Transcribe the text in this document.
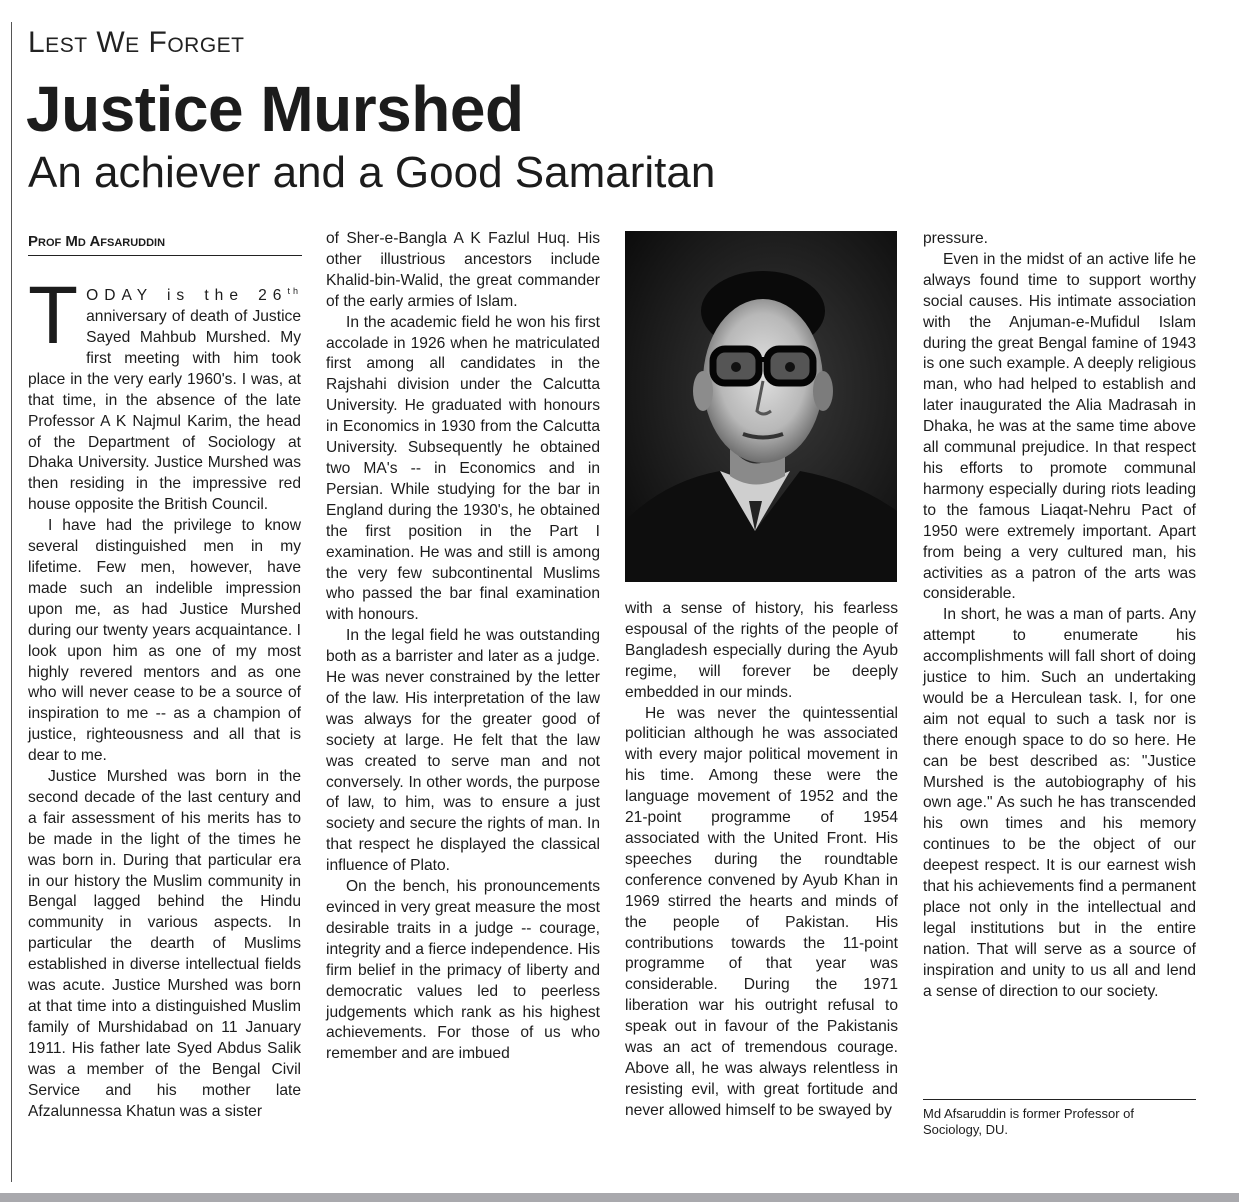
Lest We Forget
Justice Murshed
An achiever and a Good Samaritan
Prof Md Afsaruddin

TODAY is the 26th anniversary of death of Justice Sayed Mahbub Murshed. My first meeting with him took place in the very early 1960's. I was, at that time, in the absence of the late Professor A K Najmul Karim, the head of the Department of Sociology at Dhaka University. Justice Murshed was then residing in the impressive red house opposite the British Council.

I have had the privilege to know several distinguished men in my lifetime. Few men, however, have made such an indelible impression upon me, as had Justice Murshed during our twenty years acquaintance. I look upon him as one of my most highly revered mentors and as one who will never cease to be a source of inspiration to me -- as a champion of justice, righteousness and all that is dear to me.

Justice Murshed was born in the second decade of the last century and a fair assessment of his merits has to be made in the light of the times he was born in. During that particular era in our history the Muslim community in Bengal lagged behind the Hindu community in various aspects. In particular the dearth of Muslims established in diverse intellectual fields was acute. Justice Murshed was born at that time into a distinguished Muslim family of Murshidabad on 11 January 1911. His father late Syed Abdus Salik was a member of the Bengal Civil Service and his mother late Afzalunnessa Khatun was a sister

of Sher-e-Bangla A K Fazlul Huq. His other illustrious ancestors include Khalid-bin-Walid, the great commander of the early armies of Islam.

In the academic field he won his first accolade in 1926 when he matriculated first among all candidates in the Rajshahi division under the Calcutta University. He graduated with honours in Economics in 1930 from the Calcutta University. Subsequently he obtained two MA's -- in Economics and in Persian. While studying for the bar in England during the 1930's, he obtained the first position in the Part I examination. He was and still is among the very few subcontinental Muslims who passed the bar final examination with honours.

In the legal field he was outstanding both as a barrister and later as a judge. He was never constrained by the letter of the law. His interpretation of the law was always for the greater good of society at large. He felt that the law was created to serve man and not conversely. In other words, the purpose of law, to him, was to ensure a just society and secure the rights of man. In that respect he displayed the classical influence of Plato.

On the bench, his pronouncements evinced in very great measure the most desirable traits in a judge -- courage, integrity and a fierce independence. His firm belief in the primacy of liberty and democratic values led to peerless judgements which rank as his highest achievements. For those of us who remember and are imbued

with a sense of history, his fearless espousal of the rights of the people of Bangladesh especially during the Ayub regime, will forever be deeply embedded in our minds.

He was never the quintessential politician although he was associated with every major political movement in his time. Among these were the language movement of 1952 and the 21-point programme of 1954 associated with the United Front. His speeches during the roundtable conference convened by Ayub Khan in 1969 stirred the hearts and minds of the people of Pakistan. His contributions towards the 11-point programme of that year was considerable. During the 1971 liberation war his outright refusal to speak out in favour of the Pakistanis was an act of tremendous courage. Above all, he was always relentless in resisting evil, with great fortitude and never allowed himself to be swayed by

pressure.

Even in the midst of an active life he always found time to support worthy social causes. His intimate association with the Anjuman-e-Mufidul Islam during the great Bengal famine of 1943 is one such example. A deeply religious man, who had helped to establish and later inaugurated the Alia Madrasah in Dhaka, he was at the same time above all communal prejudice. In that respect his efforts to promote communal harmony especially during riots leading to the famous Liaqat-Nehru Pact of 1950 were extremely important. Apart from being a very cultured man, his activities as a patron of the arts was considerable.

In short, he was a man of parts. Any attempt to enumerate his accomplishments will fall short of doing justice to him. Such an undertaking would be a Herculean task. I, for one aim not equal to such a task nor is there enough space to do so here. He can be best described as: "Justice Murshed is the autobiography of his own age." As such he has transcended his own times and his memory continues to be the object of our deepest respect. It is our earnest wish that his achievements find a permanent place not only in the intellectual and legal institutions but in the entire nation. That will serve as a source of inspiration and unity to us all and lend a sense of direction to our society.

Md Afsaruddin is former Professor of Sociology, DU.
